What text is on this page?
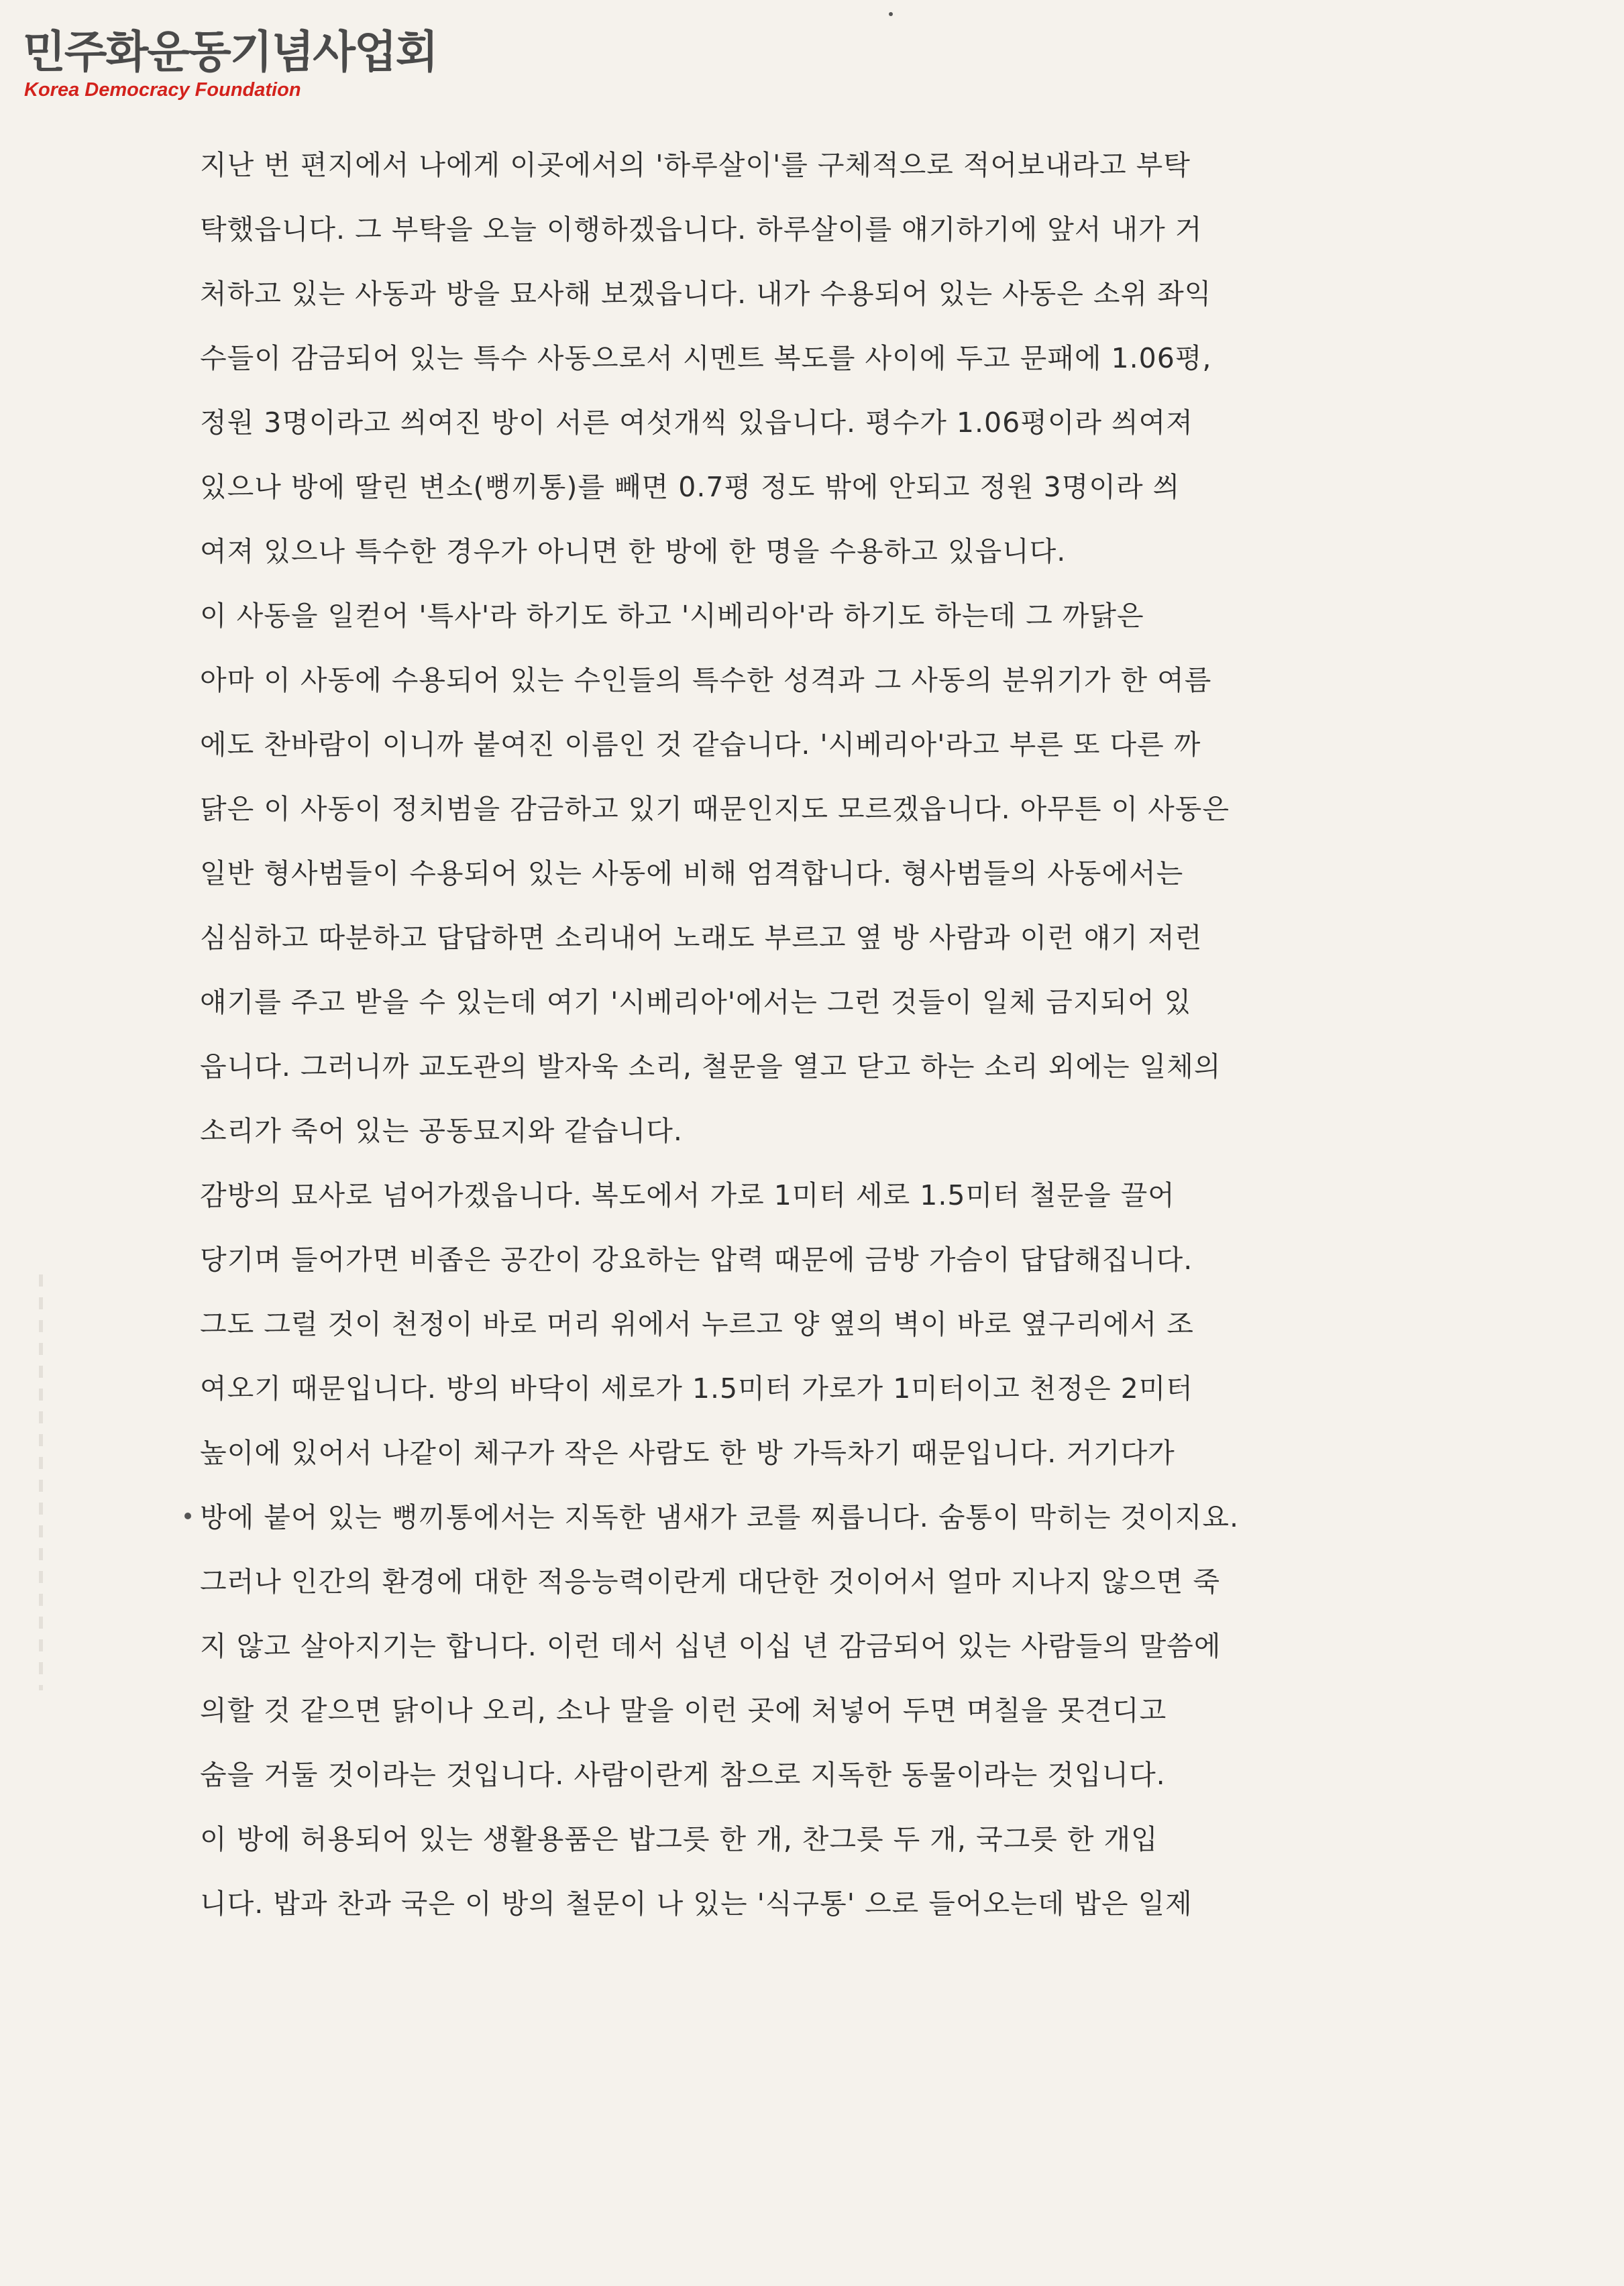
민주화운동기념사업회
Korea Democracy Foundation
지난 번 편지에서 나에게 이곳에서의 '하루살이'를 구체적으로 적어보내라고 부탁
탁했읍니다. 그 부탁을 오늘 이행하겠읍니다. 하루살이를 얘기하기에 앞서 내가 거
처하고 있는 사동과 방을 묘사해 보겠읍니다. 내가 수용되어 있는 사동은 소위 좌익
수들이 감금되어 있는 특수 사동으로서 시멘트 복도를 사이에 두고 문패에 1.06평,
정원 3명이라고 씌여진 방이 서른 여섯개씩 있읍니다. 평수가 1.06평이라 씌여져
있으나 방에 딸린 변소(뻥끼통)를 빼면 0.7평 정도 밖에 안되고 정원 3명이라 씌
여져 있으나 특수한 경우가 아니면 한 방에 한 명을 수용하고 있읍니다.
이 사동을 일컫어 '특사'라 하기도 하고 '시베리아'라 하기도 하는데 그 까닭은
아마 이 사동에 수용되어 있는 수인들의 특수한 성격과 그 사동의 분위기가 한 여름
에도 찬바람이 이니까 붙여진 이름인 것 같습니다. '시베리아'라고 부른 또 다른 까
닭은 이 사동이 정치범을 감금하고 있기 때문인지도 모르겠읍니다. 아무튼 이 사동은
일반 형사범들이 수용되어 있는 사동에 비해 엄격합니다. 형사범들의 사동에서는
심심하고 따분하고 답답하면 소리내어 노래도 부르고 옆 방 사람과 이런 얘기 저런
얘기를 주고 받을 수 있는데 여기 '시베리아'에서는 그런 것들이 일체 금지되어 있
읍니다. 그러니까 교도관의 발자욱 소리, 철문을 열고 닫고 하는 소리 외에는 일체의
소리가 죽어 있는 공동묘지와 같습니다.
감방의 묘사로 넘어가겠읍니다. 복도에서 가로 1미터 세로 1.5미터 철문을 끌어
당기며 들어가면 비좁은 공간이 강요하는 압력 때문에 금방 가슴이 답답해집니다.
그도 그럴 것이 천정이 바로 머리 위에서 누르고 양 옆의 벽이 바로 옆구리에서 조
여오기 때문입니다. 방의 바닥이 세로가 1.5미터 가로가 1미터이고 천정은 2미터
높이에 있어서 나같이 체구가 작은 사람도 한 방 가득차기 때문입니다. 거기다가
방에 붙어 있는 뻥끼통에서는 지독한 냄새가 코를 찌릅니다. 숨통이 막히는 것이지요.
그러나 인간의 환경에 대한 적응능력이란게 대단한 것이어서 얼마 지나지 않으면 죽
지 않고 살아지기는 합니다. 이런 데서 십년 이십 년 감금되어 있는 사람들의 말씀에
의할 것 같으면 닭이나 오리, 소나 말을 이런 곳에 처넣어 두면 며칠을 못견디고
숨을 거둘 것이라는 것입니다. 사람이란게 참으로 지독한 동물이라는 것입니다.
이 방에 허용되어 있는 생활용품은 밥그릇 한 개, 찬그릇 두 개, 국그릇 한 개입
니다. 밥과 찬과 국은 이 방의 철문이 나 있는 '식구통' 으로 들어오는데 밥은 일제
